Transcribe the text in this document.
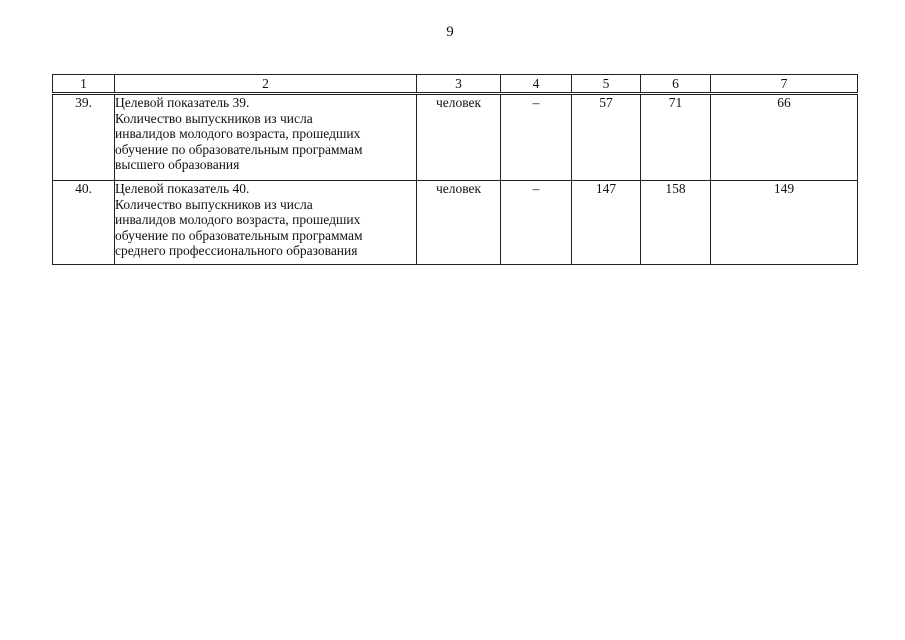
9
1	2	3	4	5	6	7
39.	Целевой показатель 39.
Количество выпускников из числа
инвалидов молодого возраста, прошедших
обучение по образовательным программам
высшего образования	человек	–	57	71	66
40.	Целевой показатель 40.
Количество выпускников из числа
инвалидов молодого возраста, прошедших
обучение по образовательным программам
среднего профессионального образования	человек	–	147	158	149
